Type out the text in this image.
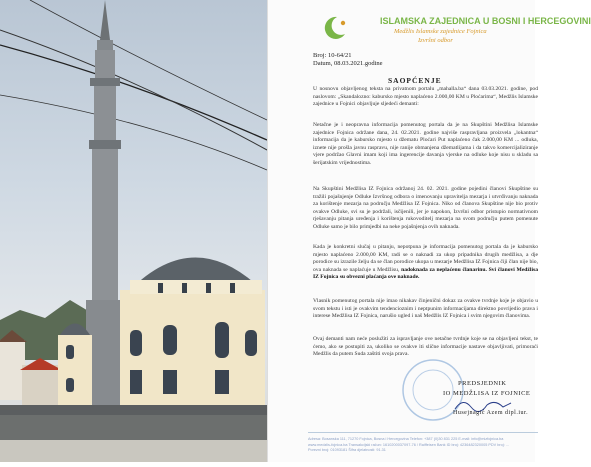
ISLAMSKA ZAJEDNICA U BOSNI I HERCEGOVINI
Medžlis Islamske zajednice Fojnica
Izvršni odbor
Broj: 10-64/21
Datum, 08.03.2021.godine
SAOPĆENJE

U nosnovu objavljenog teksta na privatnom portalu „mahalla.ba“ dana 03.03.2021. godine, pod naslovom: „Skandalozno: kabursko mjesto naplaćeno 2.000,00 KM u Ploćarima“, Medžlis Islamske zajednice u Fojnici objavljuje sljedeći demanti:

Netačne je i neopravna informacija pomenutog portala da je na Skupštini Medžlisa Islamske zajednice Fojnica održane dana, 24. 02.2021. godine najviše raspravljana proizvela „lokantna“ informacija da je kabursko mjesto u džematu Ploćari Put naplaćeno čak 2.000,00 KM ... odluka, iznete nije prošla javnu raspravu, nije ranije obmanjena džematlijama i da takvo komercijaliziranje vjere podržao Glavni imam koji ima ingerencije davanja vjerske na odluke koje nisu u skladu sa šerijatskim vrijednostima.

Na Skupštini Medžlisa IZ Fojnica održanoj 24. 02. 2021. godine pojedini članovi Skupštine su tražili pojašnjenje Odluke Izvršnog odbora o imenovanju upravitelja mezarja i utvrđivanju naknada za korištenje mezarja na području Medžlisa IZ Fojnica. Niko od članova Skupštine nije bio protiv ovakve Odluke, svi su je podržali, isčijenili, jer je napokon, Izvršni odbor pristupio normativnom rješavanju pitanja uređenja i korištenja rukovoditelj mezarja na svom području putem pomenute Odluke samo je bilo primjedbi na neke pojašnjenja ovih naknada.

Kada je konkretni slučaj u pitanju, nepotpuna je informacija pomenutog portala da je kabursko mjesto naplaćeno 2.000,00 KM, radi se o naknadi za ukop pripadnika drugih medžlisa, a dje porodice su izrazile želju da se član porodice ukopa u mezarje Medžlisa IZ Fojnica čiji član nije bio, ova naknada se naplaćuje u Medžlisu, nadoknada za neplaćenu članarinu. Svi članovi Medžlisa IZ Fojnica su obvezni plaćanja ove naknade.

Vlasnik pomenutog portala nije imao nikakav činjenični dokaz za ovakve tvrdnje koje je objavio u svom tekstu i isti je ovakvim tendencioznim i neptpunim informacijama direktno povrijedio prava i interese Medžlisa IZ Fojnica, narušio ugled i naš Medžlis IZ Fojnica i svim njegovim članovima.

Ovaj demanti nam neće poslužiti za ispravljanje ove netačne tvrdnje koje se na objavljeni tekst, te ćemo, ako se postupiti za, ukoliko se ovakve iti slične informacije nastave objavljivati, primoraći Medžlis da putem Suda zaštiti svoja prava.

PREDSJEDNIK
IO MEDŽLISA IZ FOJNICE
Husejnagić Azem dipl.iur.
Adresa: Bosanska 111, 71270 Fojnica, Bosna i Hercegovina Telefon: +387 (0)30 831 225 E-mail: info@mizfojnica.ba
www.medzlis-fojnica.ba Transakcijski račun: 1610200037097-76 / Raiffeisen Bank ID broj: 4236482320005 PDV broj: ...
Porezni broj: 01093181 Šifra djelatnosti: 91.31
